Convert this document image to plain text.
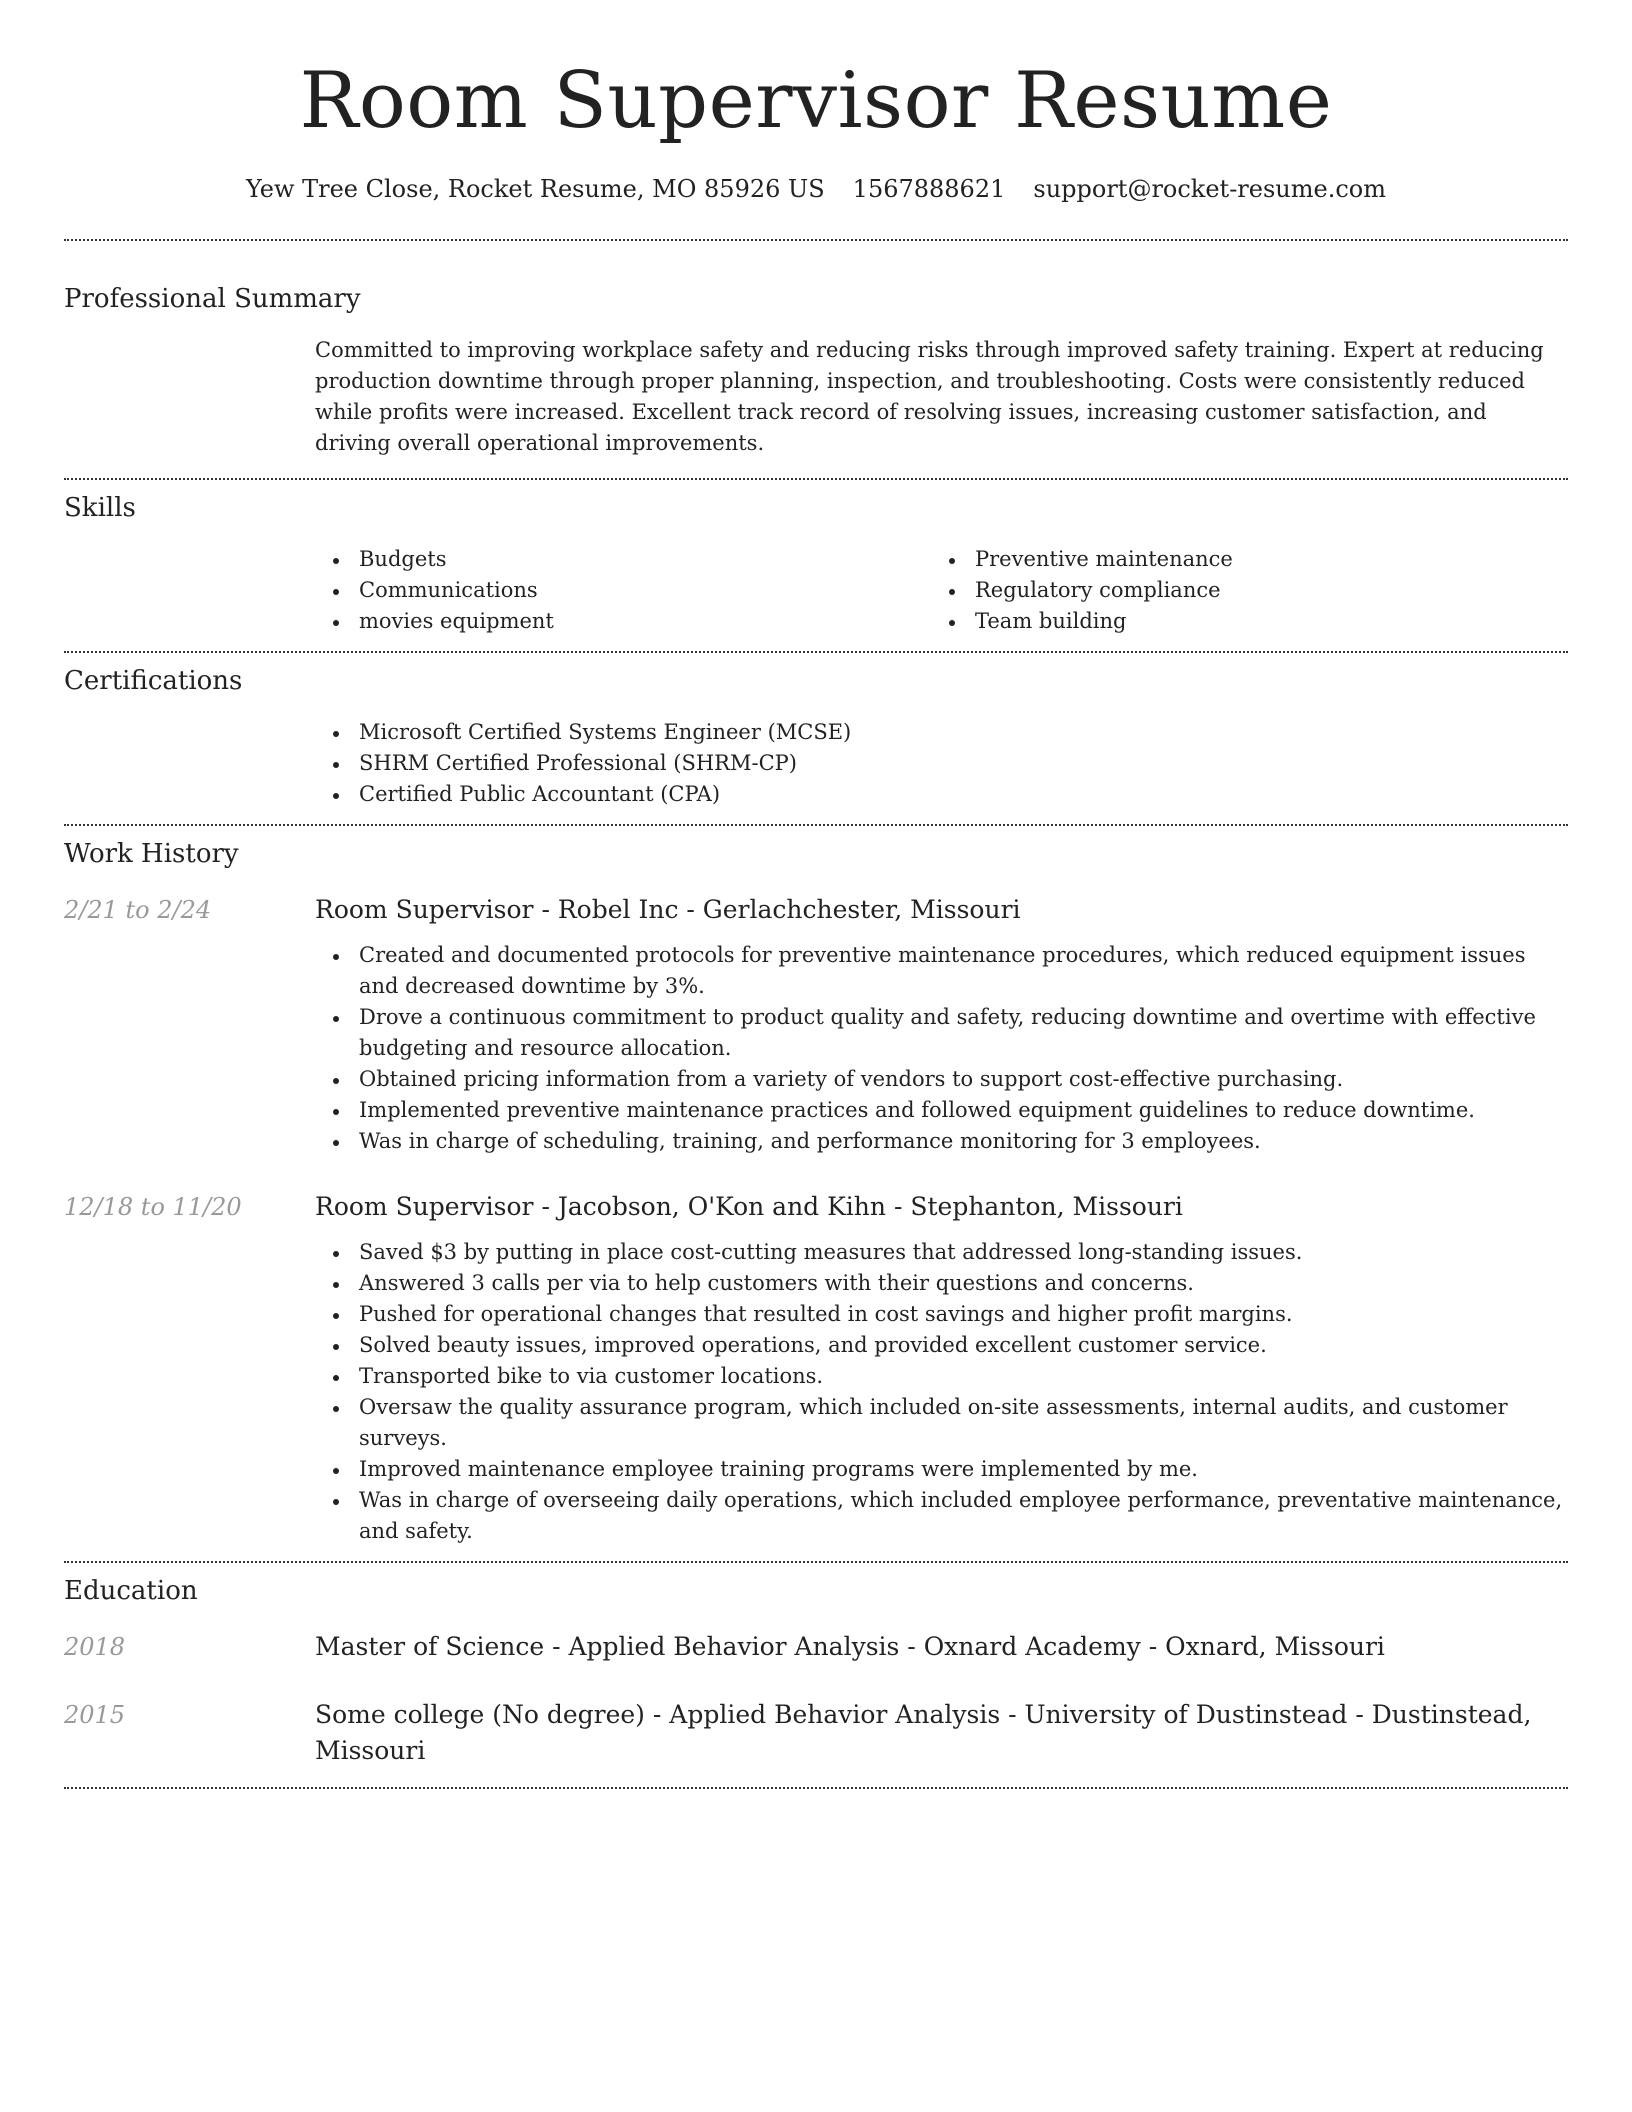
Room Supervisor Resume
Yew Tree Close, Rocket Resume, MO 85926 US 1567888621 support@rocket-resume.com
Professional Summary

Committed to improving workplace safety and reducing risks through improved safety training. Expert at reducing production downtime through proper planning, inspection, and troubleshooting. Costs were consistently reduced while profits were increased. Excellent track record of resolving issues, increasing customer satisfaction, and driving overall operational improvements.

Skills
Budgets
Communications
movies equipment
Preventive maintenance
Regulatory compliance
Team building
Certifications
Microsoft Certified Systems Engineer (MCSE)
SHRM Certified Professional (SHRM-CP)
Certified Public Accountant (CPA)
Work History
2/21 to 2/24	Room Supervisor - Robel Inc - Gerlachchester, Missouri
Created and documented protocols for preventive maintenance procedures, which reduced equipment issues and decreased downtime by 3%.
Drove a continuous commitment to product quality and safety, reducing downtime and overtime with effective budgeting and resource allocation.
Obtained pricing information from a variety of vendors to support cost-effective purchasing.
Implemented preventive maintenance practices and followed equipment guidelines to reduce downtime.
Was in charge of scheduling, training, and performance monitoring for 3 employees.
12/18 to 11/20	Room Supervisor - Jacobson, O'Kon and Kihn - Stephanton, Missouri
Saved $3 by putting in place cost-cutting measures that addressed long-standing issues.
Answered 3 calls per via to help customers with their questions and concerns.
Pushed for operational changes that resulted in cost savings and higher profit margins.
Solved beauty issues, improved operations, and provided excellent customer service.
Transported bike to via customer locations.
Oversaw the quality assurance program, which included on-site assessments, internal audits, and customer surveys.
Improved maintenance employee training programs were implemented by me.
Was in charge of overseeing daily operations, which included employee performance, preventative maintenance, and safety.
Education
2018	Master of Science - Applied Behavior Analysis - Oxnard Academy - Oxnard, Missouri
2015	Some college (No degree) - Applied Behavior Analysis - University of Dustinstead - Dustinstead, Missouri
